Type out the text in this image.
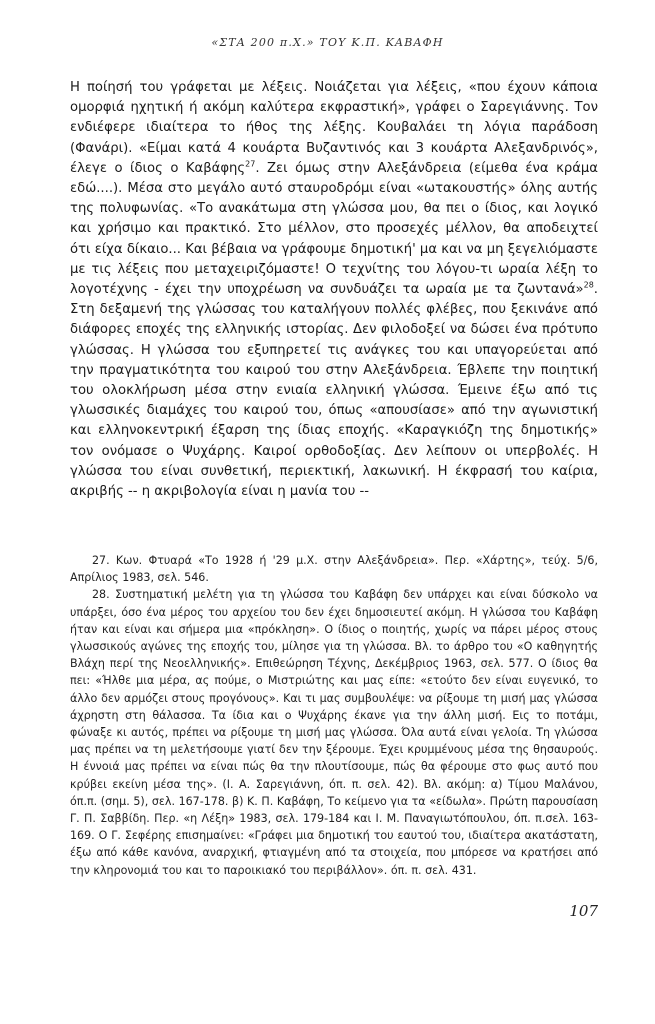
«ΣΤΑ 200 π.Χ.» ΤΟΥ Κ.Π. ΚΑΒΑΦΗ

Η ποίησή του γράφεται με λέξεις. Νοιάζεται για λέξεις, «που έχουν κάποια ομορφιά ηχητική ή ακόμη καλύτερα εκφραστική», γράφει ο Σαρεγιάννης. Τον ενδιέφερε ιδιαίτερα το ήθος της λέξης. Κουβαλάει τη λόγια παράδοση (Φανάρι). «Είμαι κατά 4 κουάρτα Βυζαντινός και 3 κουάρτα Αλεξανδρινός», έλεγε ο ίδιος ο Καβάφης$^{27}$. Ζει όμως στην Αλεξάνδρεια (είμεθα ένα κράμα εδώ....). Μέσα στο μεγάλο αυτό σταυροδρόμι είναι «ωτακουστής» όλης αυτής της πολυφωνίας. «Το ανακάτωμα στη γλώσσα μου, θα πει ο ίδιος, και λογικό και χρήσιμο και πρακτικό. Στο μέλλον, στο προσεχές μέλλον, θα αποδειχτεί ότι είχα δίκαιο... Και βέβαια να γράφουμε δημοτική' μα και να μη ξεγελιόμαστε με τις λέξεις που μεταχειριζόμαστε! Ο τεχνίτης του λόγου-τι ωραία λέξη το λογοτέχνης - έχει την υποχρέωση να συνδυάζει τα ωραία με τα ζωντανά»$^{28}$. Στη δεξαμενή της γλώσσας του καταλήγουν πολλές φλέβες, που ξεκινάνε από διάφορες εποχές της ελληνικής ιστορίας. Δεν φιλοδοξεί να δώσει ένα πρότυπο γλώσσας. Η γλώσσα του εξυπηρετεί τις ανάγκες του και υπαγορεύεται από την πραγματικότητα του καιρού του στην Αλεξάνδρεια. Έβλεπε την ποιητική του ολοκλήρωση μέσα στην ενιαία ελληνική γλώσσα. Έμεινε έξω από τις γλωσσικές διαμάχες του καιρού του, όπως «απουσίασε» από την αγωνιστική και ελληνοκεντρική έξαρση της ίδιας εποχής. «Καραγκιόζη της δημοτικής» τον ονόμασε ο Ψυχάρης. Καιροί ορθοδοξίας. Δεν λείπουν οι υπερβολές. Η γλώσσα του είναι συνθετική, περιεκτική, λακωνική. Η έκφρασή του καίρια, ακριβής -- η ακριβολογία είναι η μανία του --

27. Κων. Φτυαρά «Το 1928 ή '29 μ.Χ. στην Αλεξάνδρεια». Περ. «Χάρτης», τεύχ. 5/6, Απρίλιος 1983, σελ. 546.

28. Συστηματική μελέτη για τη γλώσσα του Καβάφη δεν υπάρχει και είναι δύσκολο να υπάρξει, όσο ένα μέρος του αρχείου του δεν έχει δημοσιευτεί ακόμη. Η γλώσσα του Καβάφη ήταν και είναι και σήμερα μια «πρόκληση». Ο ίδιος ο ποιητής, χωρίς να πάρει μέρος στους γλωσσικούς αγώνες της εποχής του, μίλησε για τη γλώσσα. Βλ. το άρθρο του «Ο καθηγητής Βλάχη περί της Νεοελληνικής». Επιθεώρηση Τέχνης, Δεκέμβριος 1963, σελ. 577. Ο ίδιος θα πει: «Ήλθε μια μέρα, ας πούμε, ο Μιστριώτης και μας είπε: «ετούτο δεν είναι ευγενικό, το άλλο δεν αρμόζει στους προγόνους». Και τι μας συμβουλέψε: να ρίξουμε τη μισή μας γλώσσα άχρηστη στη θάλασσα. Τα ίδια και ο Ψυχάρης έκανε για την άλλη μισή. Εις το ποτάμι, φώναξε κι αυτός, πρέπει να ρίξουμε τη μισή μας γλώσσα. Όλα αυτά είναι γελοία. Τη γλώσσα μας πρέπει να τη μελετήσουμε γιατί δεν την ξέρουμε. Έχει κρυμμένους μέσα της θησαυρούς. Η έννοιά μας πρέπει να είναι πώς θα την πλουτίσουμε, πώς θα φέρουμε στο φως αυτό που κρύβει εκείνη μέσα της». (Ι. Α. Σαρεγιάννη, όπ. π. σελ. 42). Βλ. ακόμη: α) Τίμου Μαλάνου, όπ.π. (σημ. 5), σελ. 167-178. β) Κ. Π. Καβάφη, Το κείμενο για τα «είδωλα». Πρώτη παρουσίαση Γ. Π. Σαββίδη. Περ. «η Λέξη» 1983, σελ. 179-184 και Ι. Μ. Παναγιωτόπουλου, όπ. π.σελ. 163-169. Ο Γ. Σεφέρης επισημαίνει: «Γράφει μια δημοτική του εαυτού του, ιδιαίτερα ακατάστατη, έξω από κάθε κανόνα, αναρχική, φτιαγμένη από τα στοιχεία, που μπόρεσε να κρατήσει από την κληρονομιά του και το παροικιακό του περιβάλλον». όπ. π. σελ. 431.

107
